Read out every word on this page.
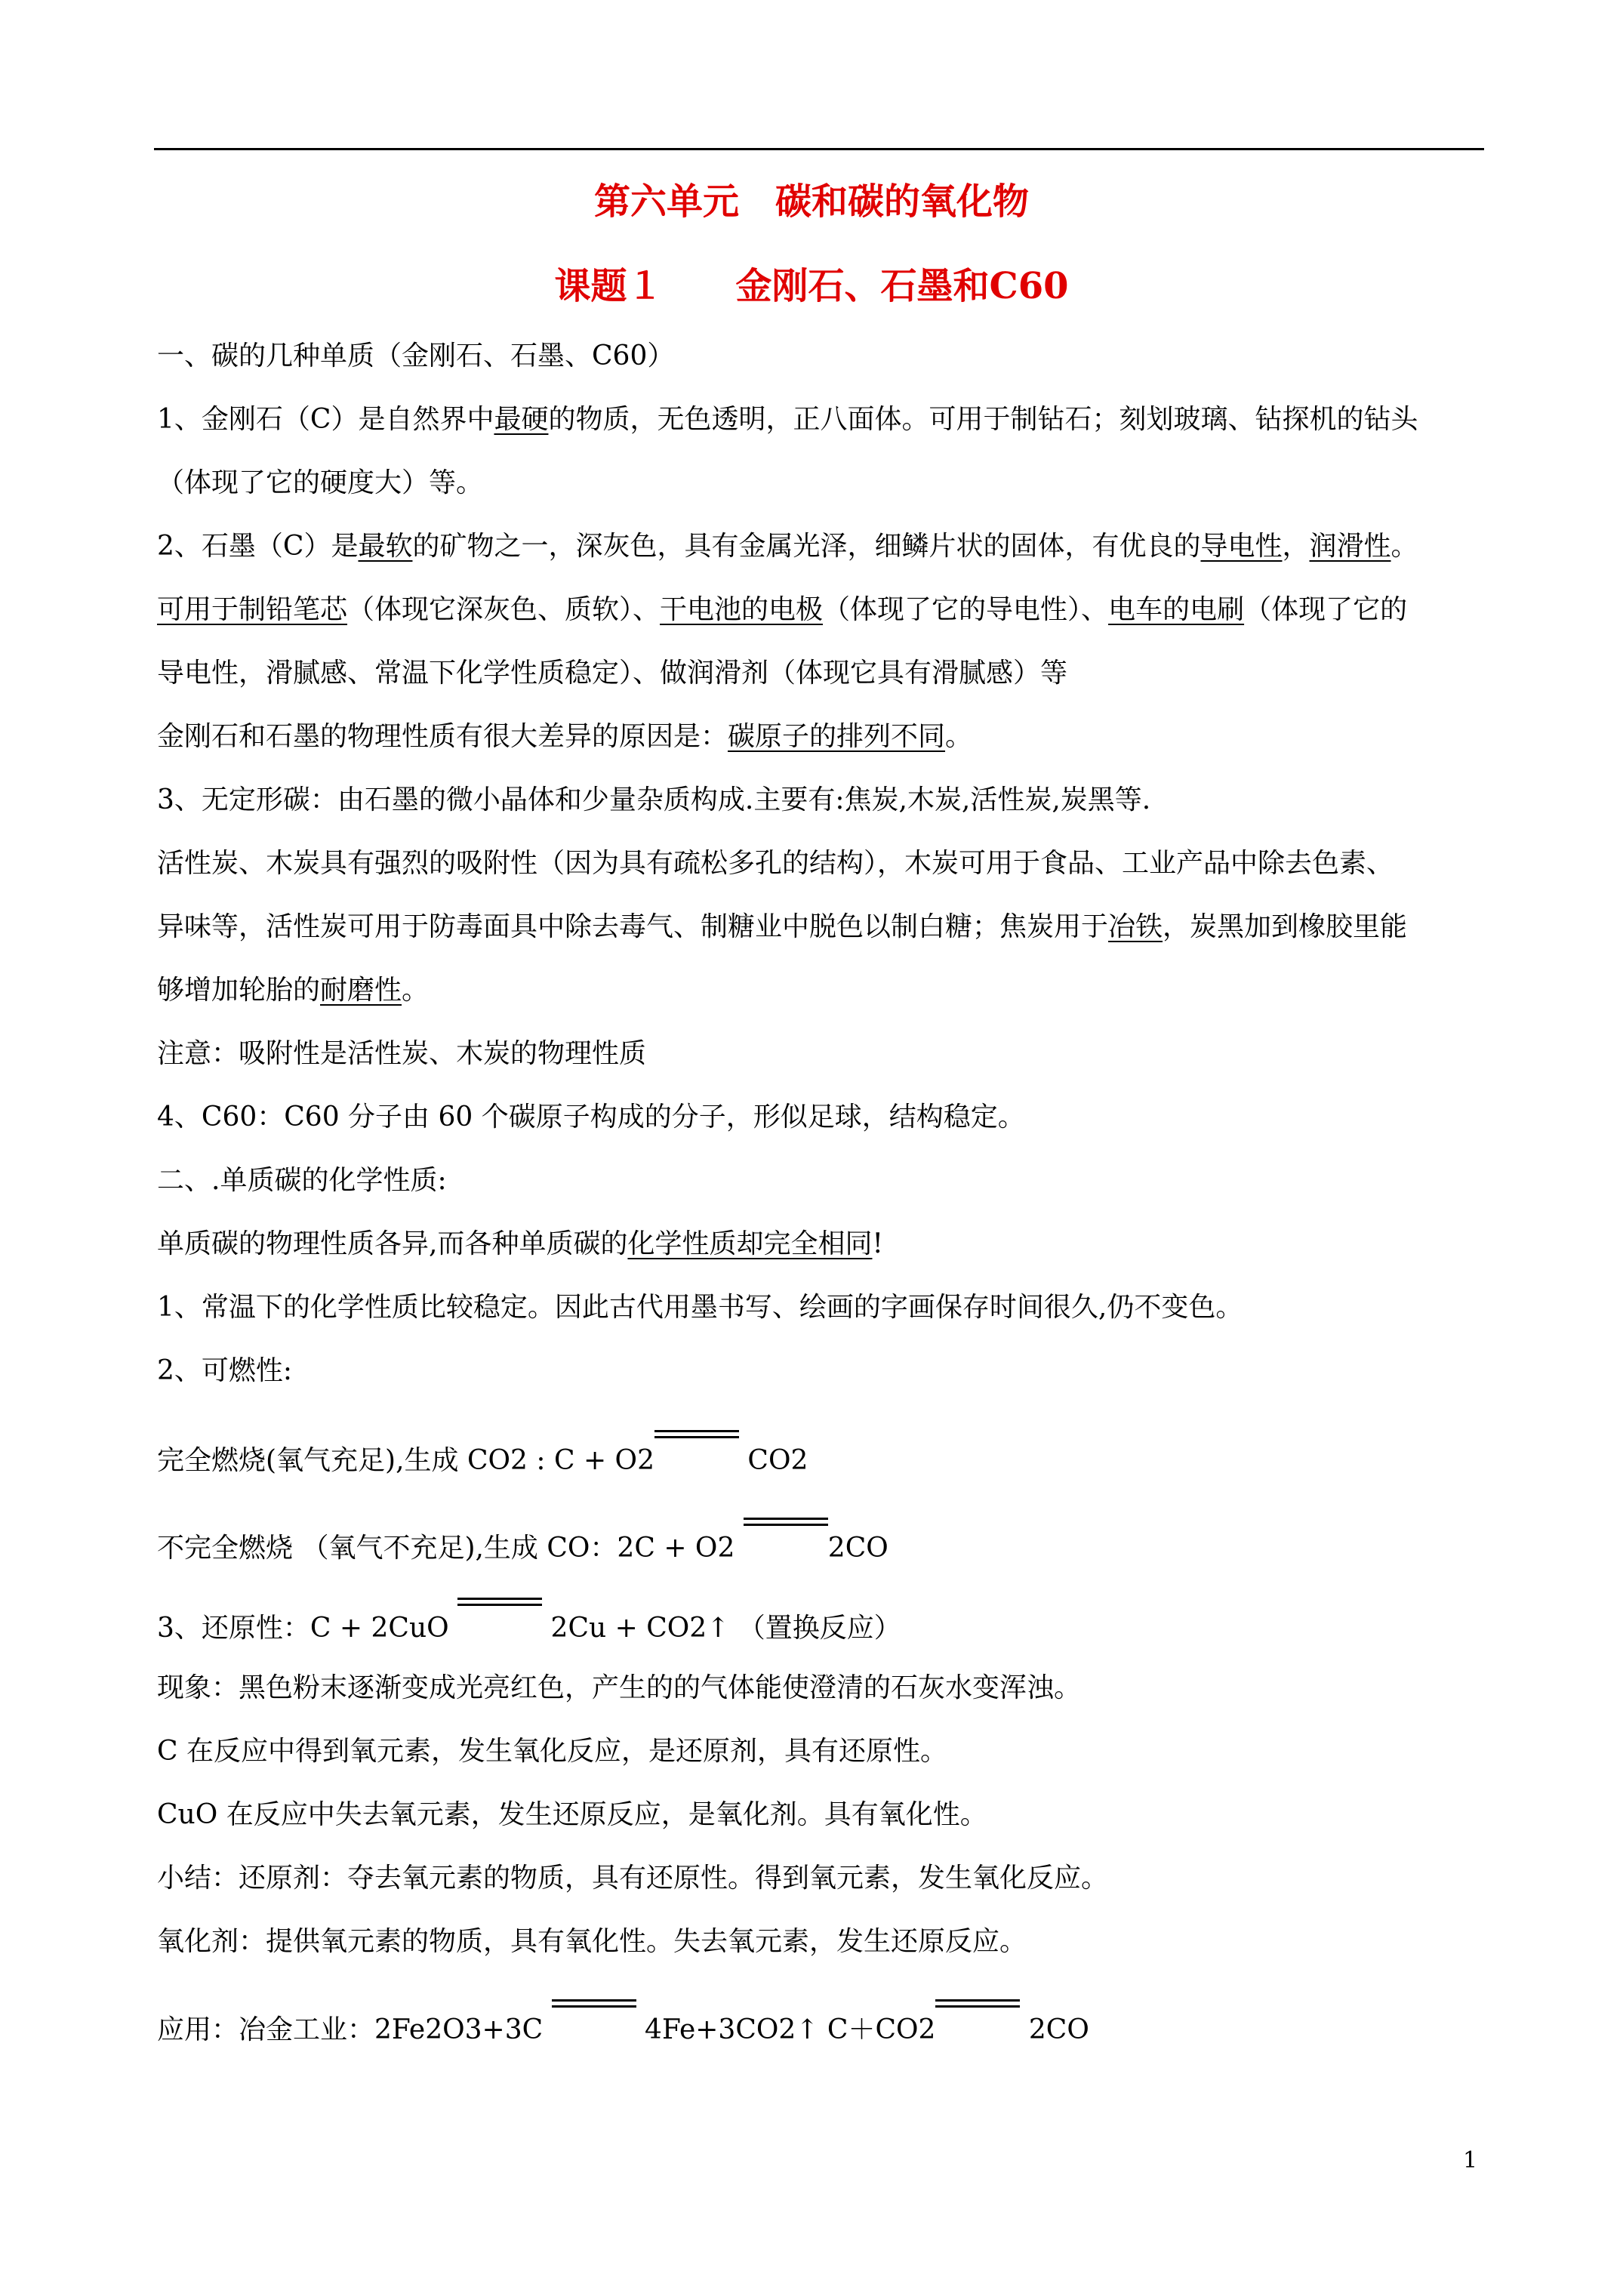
第六单元　碳和碳的氧化物
课题１　　金刚石、石墨和C60
一、碳的几种单质（金刚石、石墨、C60）
1、金刚石（C）是自然界中最硬的物质，无色透明，正八面体。可用于制钻石；刻划玻璃、钻探机的钻头
（体现了它的硬度大）等。
2、石墨（C）是最软的矿物之一，深灰色，具有金属光泽，细鳞片状的固体，有优良的导电性，润滑性。
可用于制铅笔芯（体现它深灰色、质软）、干电池的电极（体现了它的导电性）、电车的电刷（体现了它的
导电性，滑腻感、常温下化学性质稳定）、做润滑剂（体现它具有滑腻感）等
金刚石和石墨的物理性质有很大差异的原因是：碳原子的排列不同。
3、无定形碳：由石墨的微小晶体和少量杂质构成.主要有:焦炭,木炭,活性炭,炭黑等.
活性炭、木炭具有强烈的吸附性（因为具有疏松多孔的结构），木炭可用于食品、工业产品中除去色素、
异味等，活性炭可用于防毒面具中除去毒气、制糖业中脱色以制白糖；焦炭用于冶铁，炭黑加到橡胶里能
够增加轮胎的耐磨性。
注意：吸附性是活性炭、木炭的物理性质
4、C60：C60 分子由 60 个碳原子构成的分子，形似足球，结构稳定。
二、.单质碳的化学性质:
单质碳的物理性质各异,而各种单质碳的化学性质却完全相同!
1、常温下的化学性质比较稳定。因此古代用墨书写、绘画的字画保存时间很久,仍不变色。
2、可燃性:
完全燃烧(氧气充足),生成 CO2 : C + O2	CO2
不完全燃烧 （氧气不充足),生成 CO：2C + O2	2CO
3、还原性：C + 2CuO	2Cu + CO2↑ （置换反应）
现象：黑色粉末逐渐变成光亮红色，产生的的气体能使澄清的石灰水变浑浊。
C 在反应中得到氧元素，发生氧化反应，是还原剂，具有还原性。
CuO 在反应中失去氧元素，发生还原反应，是氧化剂。具有氧化性。
小结：还原剂：夺去氧元素的物质，具有还原性。得到氧元素，发生氧化反应。
氧化剂：提供氧元素的物质，具有氧化性。失去氧元素，发生还原反应。
应用：冶金工业：2Fe2O3+3C	4Fe+3CO2↑ C＋CO2	2CO
1
